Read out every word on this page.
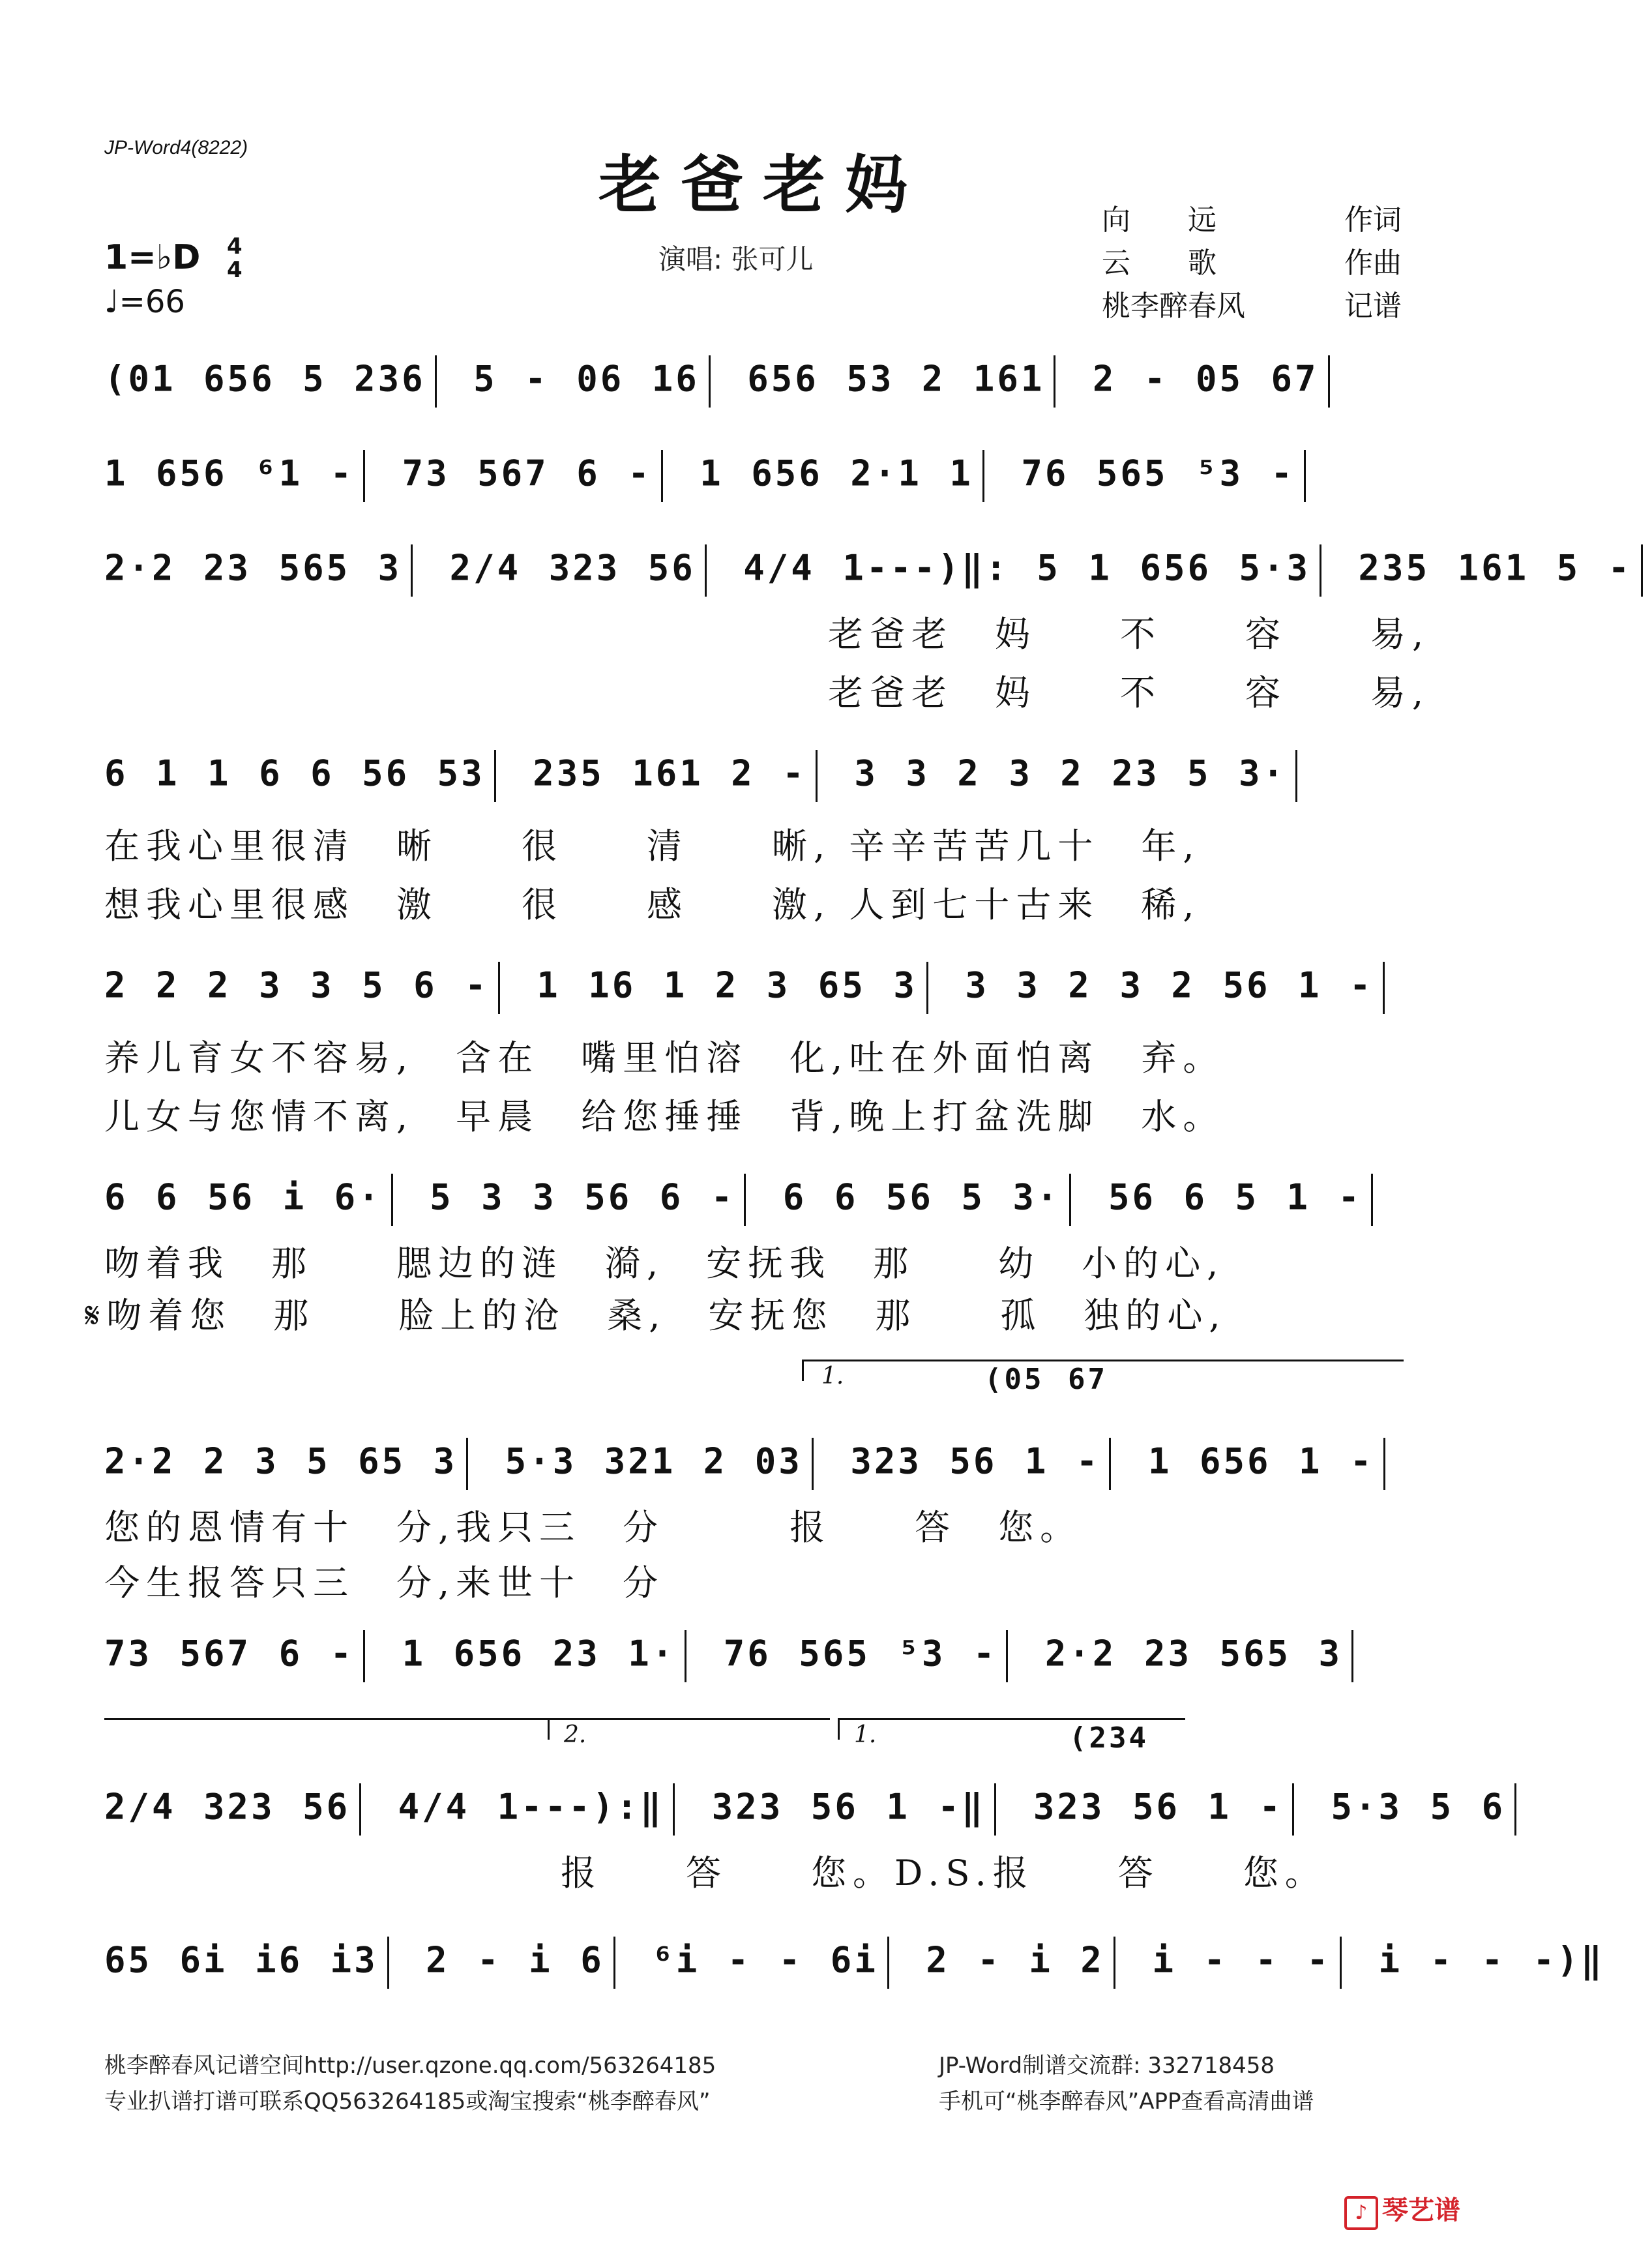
JP-Word4(8222)
老爸老妈
演唱: 张可儿
向　　远	作词
云　　歌	作曲
桃李醉春风	记谱
1=♭D 4
4
♩=66
(01 656 5 236 5 - 06 16 656 53 2 161 2 - 05 67
1 656 ⁶1 - 73 567 6 - 1 656 2·1 1 76 565 ⁵3 -
2·2 23 565 3 2/4 323 56 4/4 1---)‖: 5 1 656 5·3 235 161 5 -
老爸老　妈　　不　　容　　易,
老爸老　妈　　不　　容　　易,
6 1 1 6 6 56 53 235 161 2 - 3 3 2 3 2 23 5 3·
在我心里很清　晰　　很　　清　　晰, 辛辛苦苦几十　年,
想我心里很感　激　　很　　感　　激, 人到七十古来　稀,
2 2 2 3 3 5 6 - 1 16 1 2 3 65 3 3 3 2 3 2 56 1 -
养儿育女不容易,　含在　嘴里怕溶　化,吐在外面怕离　弃。
儿女与您情不离,　早晨　给您捶捶　背,晚上打盆洗脚　水。
6 6 56 i 6· 5 3 3 56 6 - 6 6 56 5 3· 56 6 5 1 -
吻着我　那　　腮边的涟　漪,　安抚我　那　　幼　小的心,
𝄋吻着您　那　　脸上的沧　桑,　安抚您　那　　孤　独的心,
1.	(05 67
2·2 2 3 5 65 3 5·3 321 2 03 323 56 1 - 1 656 1 -
您的恩情有十　分,我只三　分　　　报　　答　您。
今生报答只三　分,来世十　分
73 567 6 - 1 656 23 1· 76 565 ⁵3 - 2·2 23 565 3
2.	1.	(234
2/4 323 56 4/4 1---):‖ 323 56 1 -‖ 323 56 1 - 5·3 5 6
报　　答　　您。D.S.报　　答　　您。
65 6i i6 i3 2 - i 6 ⁶i - - 6i 2 - i 2 i - - - i - - -)‖
桃李醉春风记谱空间http://user.qzone.qq.com/563264185
专业扒谱打谱可联系QQ563264185或淘宝搜索“桃李醉春风”
JP-Word制谱交流群: 332718458
手机可“桃李醉春风”APP查看高清曲谱
♪ 琴艺谱
